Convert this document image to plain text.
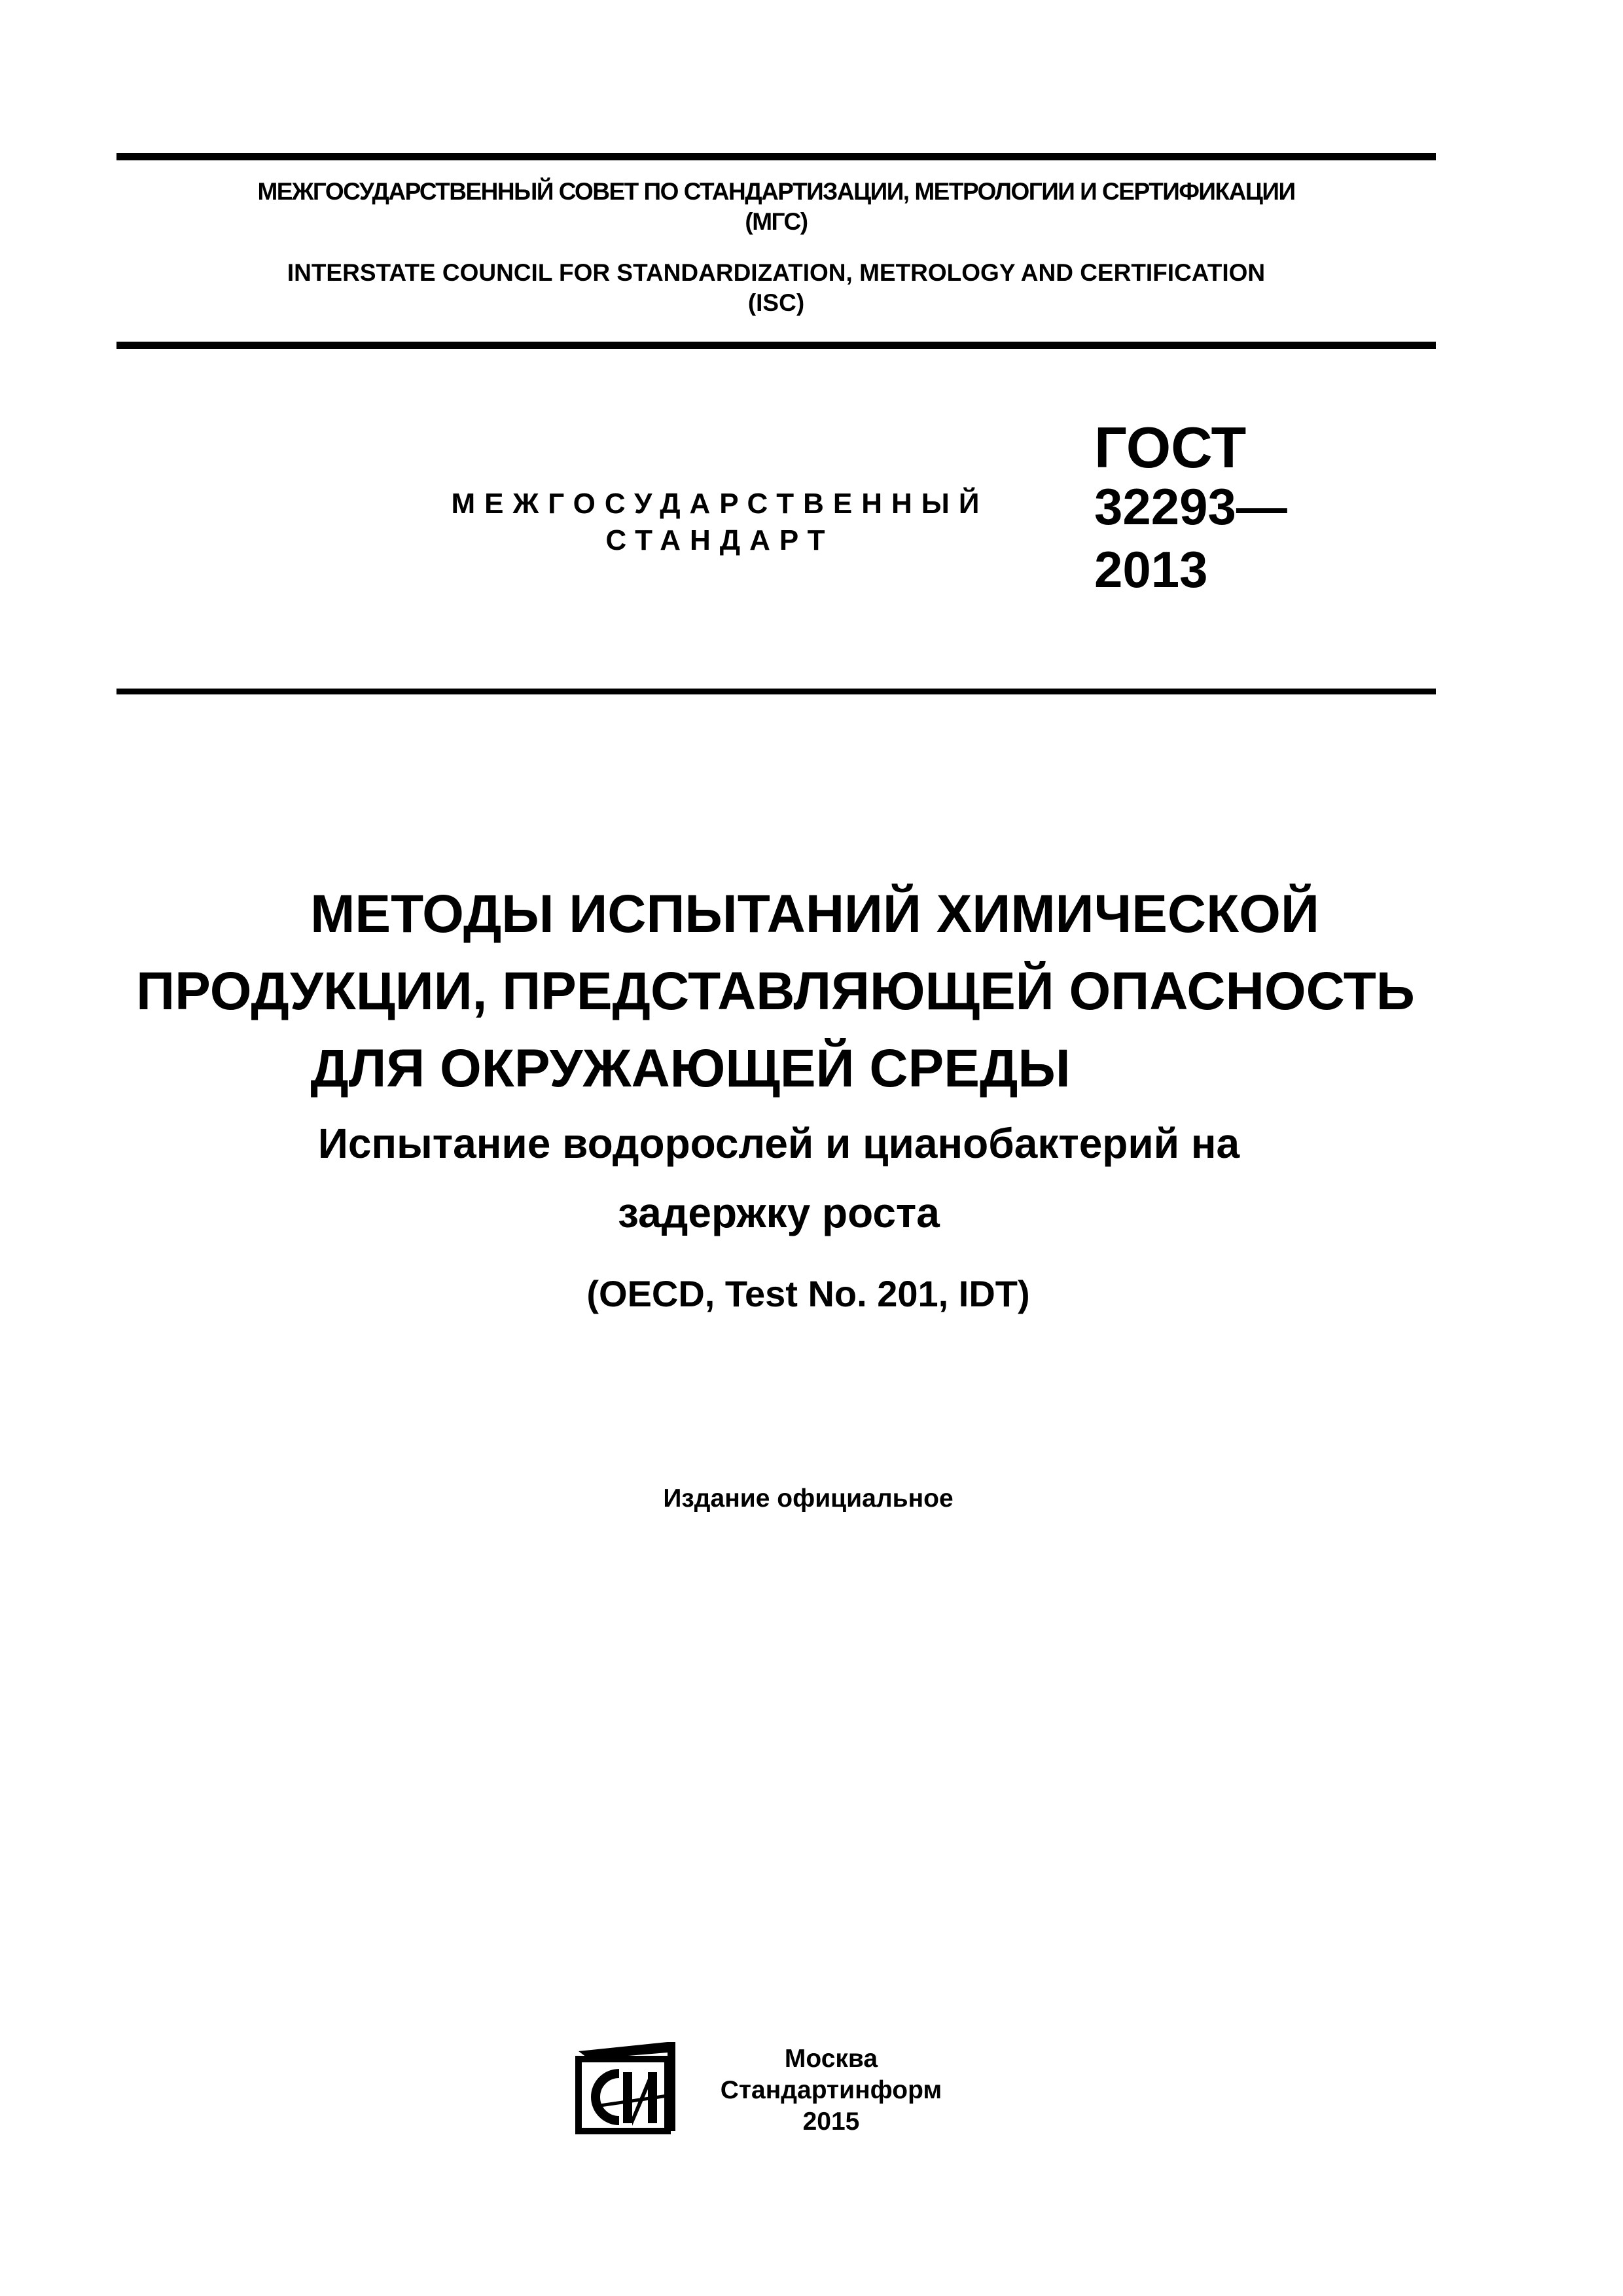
МЕЖГОСУДАРСТВЕННЫЙ СОВЕТ ПО СТАНДАРТИЗАЦИИ, МЕТРОЛОГИИ И СЕРТИФИКАЦИИ
(МГС)
INTERSTATE COUNCIL FOR STANDARDIZATION, METROLOGY AND CERTIFICATION
(ISC)
МЕЖГОСУДАРСТВЕННЫЙ
СТАНДАРТ
ГОСТ
32293—
2013
МЕТОДЫ ИСПЫТАНИЙ ХИМИЧЕСКОЙ
ПРОДУКЦИИ, ПРЕДСТАВЛЯЮЩЕЙ ОПАСНОСТЬ
ДЛЯ ОКРУЖАЮЩЕЙ СРЕДЫ
Испытание водорослей и цианобактерий на
задержку роста
(OECD, Test No. 201, IDT)
Издание официальное
Москва
Стандартинформ
2015
